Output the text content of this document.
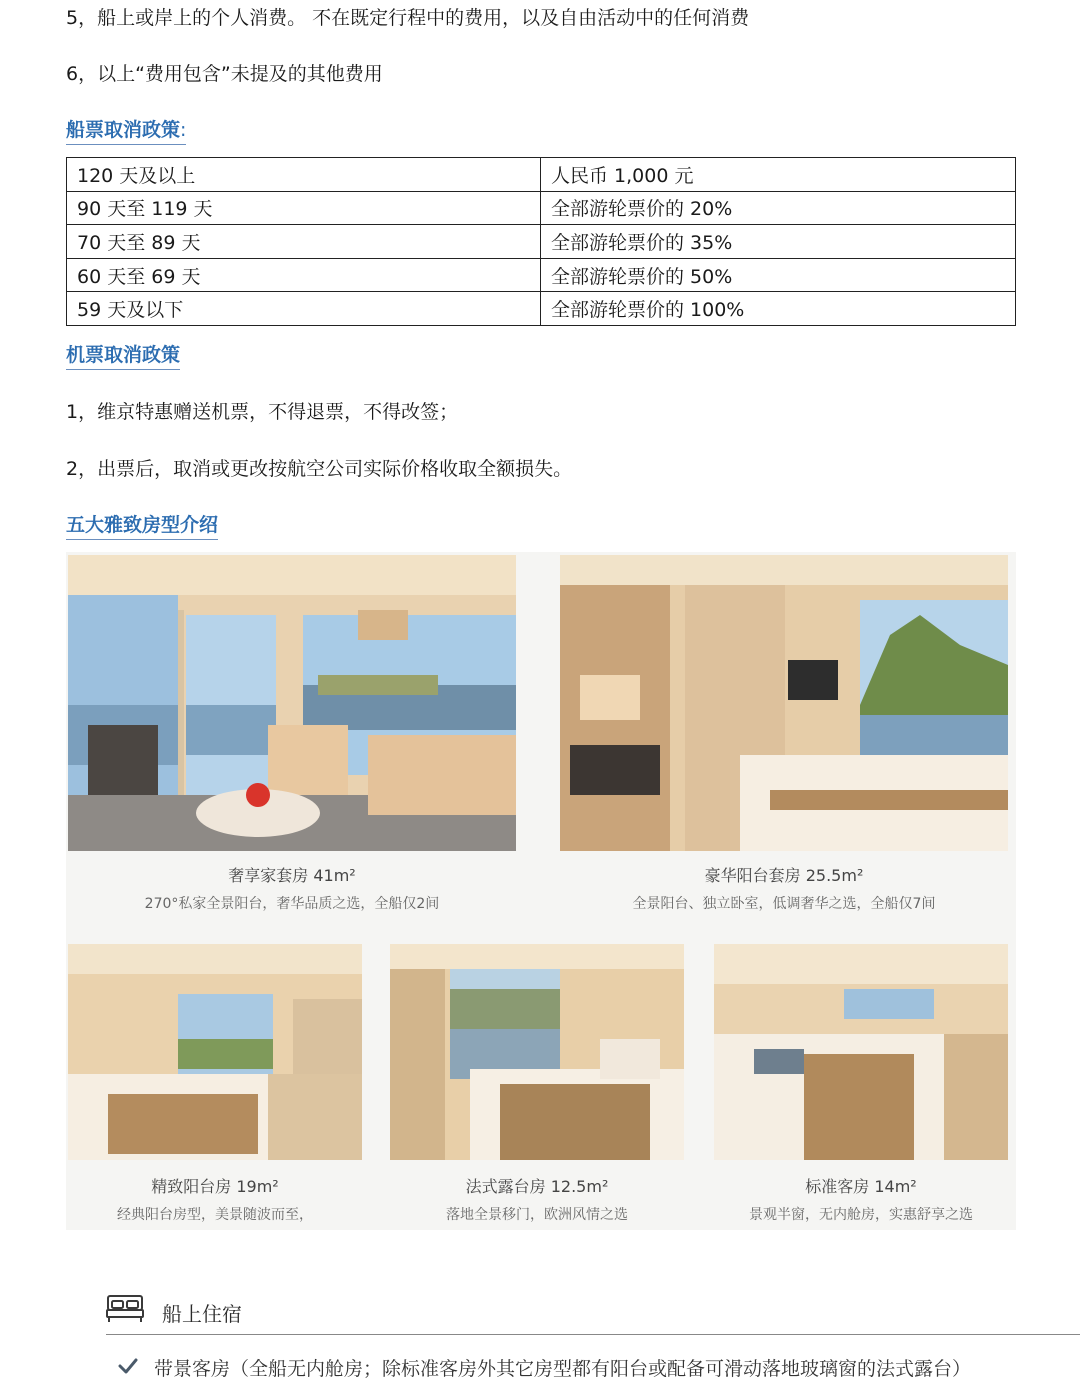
5，船上或岸上的个人消费。 不在既定行程中的费用，以及自由活动中的任何消费
6，以上“费用包含”未提及的其他费用
船票取消政策:
120 天及以上	人民币 1,000 元
90 天至 119 天	全部游轮票价的 20%
70 天至 89 天	全部游轮票价的 35%
60 天至 69 天	全部游轮票价的 50%
59 天及以下	全部游轮票价的 100%
机票取消政策
1，维京特惠赠送机票，不得退票，不得改签；
2，出票后，取消或更改按航空公司实际价格收取全额损失。
五大雅致房型介绍
奢享家套房 41m²
270°私家全景阳台，奢华品质之选，全船仅2间
豪华阳台套房 25.5m²
全景阳台、独立卧室，低调奢华之选，全船仅7间
精致阳台房 19m²
经典阳台房型，美景随波而至，
法式露台房 12.5m²
落地全景移门，欧洲风情之选
标准客房 14m²
景观半窗，无内舱房，实惠舒享之选
船上住宿
带景客房（全船无内舱房；除标准客房外其它房型都有阳台或配备可滑动落地玻璃窗的法式露台）
